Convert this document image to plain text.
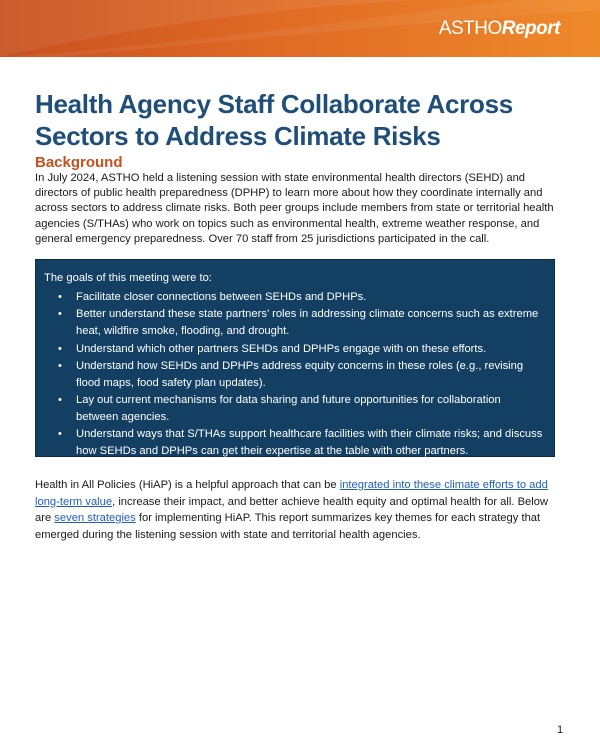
ASTHOReport
Health Agency Staff Collaborate Across Sectors to Address Climate Risks
Background

In July 2024, ASTHO held a listening session with state environmental health directors (SEHD) and directors of public health preparedness (DPHP) to learn more about how they coordinate internally and across sectors to address climate risks. Both peer groups include members from state or territorial health agencies (S/THAs) who work on topics such as environmental health, extreme weather response, and general emergency preparedness. Over 70 staff from 25 jurisdictions participated in the call.

The goals of this meeting were to:

• Facilitate closer connections between SEHDs and DPHPs.
• Better understand these state partners’ roles in addressing climate concerns such as extreme heat, wildfire smoke, flooding, and drought.
• Understand which other partners SEHDs and DPHPs engage with on these efforts.
• Understand how SEHDs and DPHPs address equity concerns in these roles (e.g., revising flood maps, food safety plan updates).
• Lay out current mechanisms for data sharing and future opportunities for collaboration between agencies.
• Understand ways that S/THAs support healthcare facilities with their climate risks; and discuss how SEHDs and DPHPs can get their expertise at the table with other partners.

Health in All Policies (HiAP) is a helpful approach that can be integrated into these climate efforts to add long-term value, increase their impact, and better achieve health equity and optimal health for all. Below are seven strategies for implementing HiAP. This report summarizes key themes for each strategy that emerged during the listening session with state and territorial health agencies.

1
